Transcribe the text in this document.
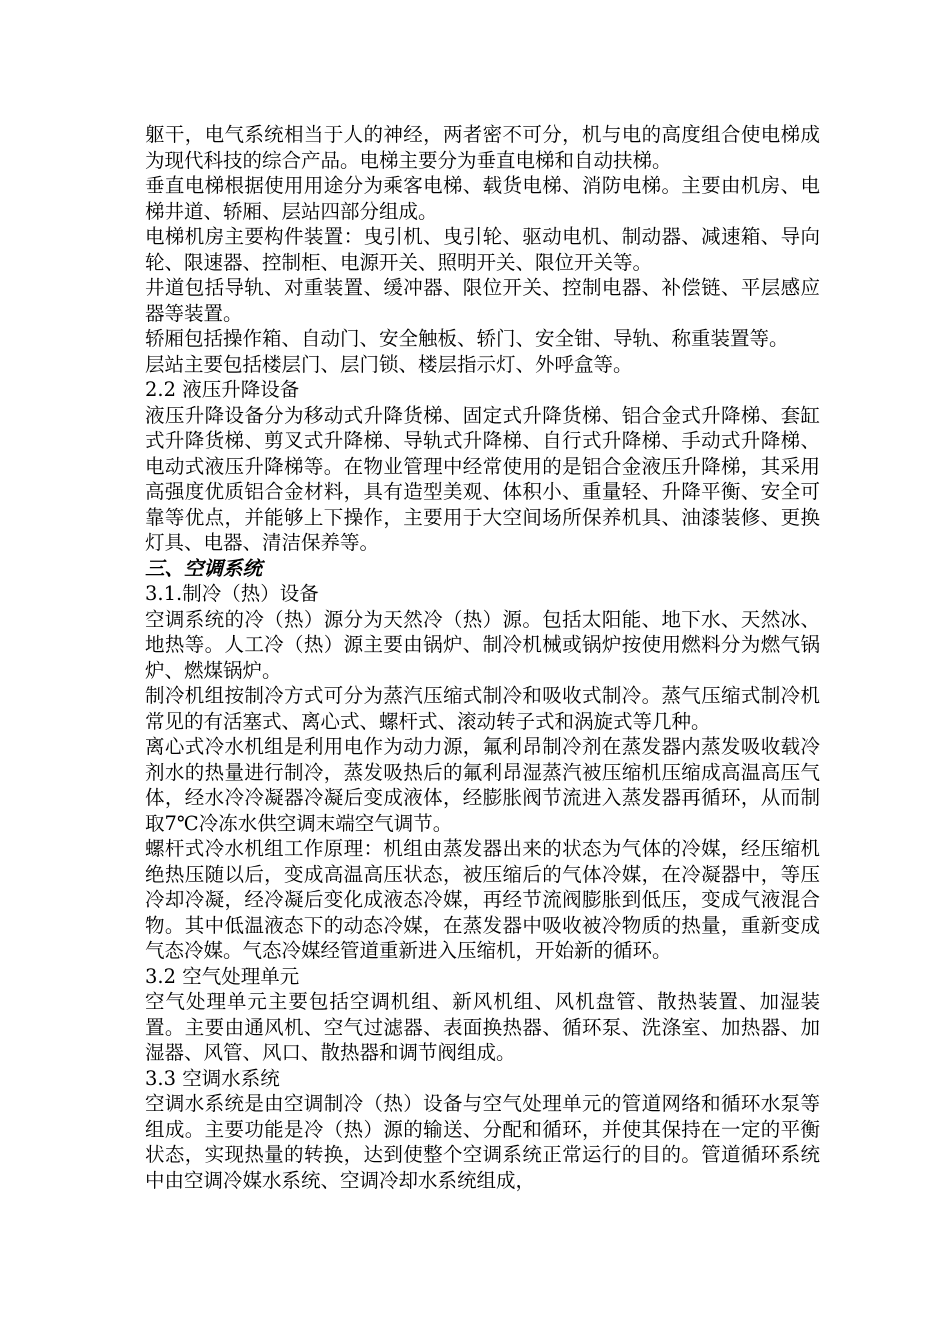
躯干，电气系统相当于人的神经，两者密不可分，机与电的高度组合使电梯成为现代科技的综合产品。电梯主要分为垂直电梯和自动扶梯。

垂直电梯根据使用用途分为乘客电梯、载货电梯、消防电梯。主要由机房、电梯井道、轿厢、层站四部分组成。

电梯机房主要构件装置：曳引机、曳引轮、驱动电机、制动器、减速箱、导向轮、限速器、控制柜、电源开关、照明开关、限位开关等。

井道包括导轨、对重装置、缓冲器、限位开关、控制电器、补偿链、平层感应器等装置。

轿厢包括操作箱、自动门、安全触板、轿门、安全钳、导轨、称重装置等。

层站主要包括楼层门、层门锁、楼层指示灯、外呼盒等。

2.2 液压升降设备

液压升降设备分为移动式升降货梯、固定式升降货梯、铝合金式升降梯、套缸式升降货梯、剪叉式升降梯、导轨式升降梯、自行式升降梯、手动式升降梯、电动式液压升降梯等。在物业管理中经常使用的是铝合金液压升降梯，其采用高强度优质铝合金材料，具有造型美观、体积小、重量轻、升降平衡、安全可靠等优点，并能够上下操作，主要用于大空间场所保养机具、油漆装修、更换灯具、电器、清洁保养等。

三、空调系统

3.1.制冷（热）设备

空调系统的冷（热）源分为天然冷（热）源。包括太阳能、地下水、天然冰、地热等。人工冷（热）源主要由锅炉、制冷机械或锅炉按使用燃料分为燃气锅炉、燃煤锅炉。

制冷机组按制冷方式可分为蒸汽压缩式制冷和吸收式制冷。蒸气压缩式制冷机常见的有活塞式、离心式、螺杆式、滚动转子式和涡旋式等几种。

离心式冷水机组是利用电作为动力源，氟利昂制冷剂在蒸发器内蒸发吸收载冷剂水的热量进行制冷，蒸发吸热后的氟利昂湿蒸汽被压缩机压缩成高温高压气体，经水冷冷凝器冷凝后变成液体，经膨胀阀节流进入蒸发器再循环，从而制取7℃冷冻水供空调末端空气调节。

螺杆式冷水机组工作原理：机组由蒸发器出来的状态为气体的冷媒，经压缩机绝热压随以后，变成高温高压状态，被压缩后的气体冷媒，在冷凝器中，等压冷却冷凝，经冷凝后变化成液态冷媒，再经节流阀膨胀到低压，变成气液混合物。其中低温液态下的动态冷媒，在蒸发器中吸收被冷物质的热量，重新变成气态冷媒。气态冷媒经管道重新进入压缩机，开始新的循环。

3.2 空气处理单元

空气处理单元主要包括空调机组、新风机组、风机盘管、散热装置、加湿装置。主要由通风机、空气过滤器、表面换热器、循环泵、洗涤室、加热器、加湿器、风管、风口、散热器和调节阀组成。

3.3 空调水系统

空调水系统是由空调制冷（热）设备与空气处理单元的管道网络和循环水泵等组成。主要功能是冷（热）源的输送、分配和循环，并使其保持在一定的平衡状态，实现热量的转换，达到使整个空调系统正常运行的目的。管道循环系统中由空调冷媒水系统、空调冷却水系统组成，
